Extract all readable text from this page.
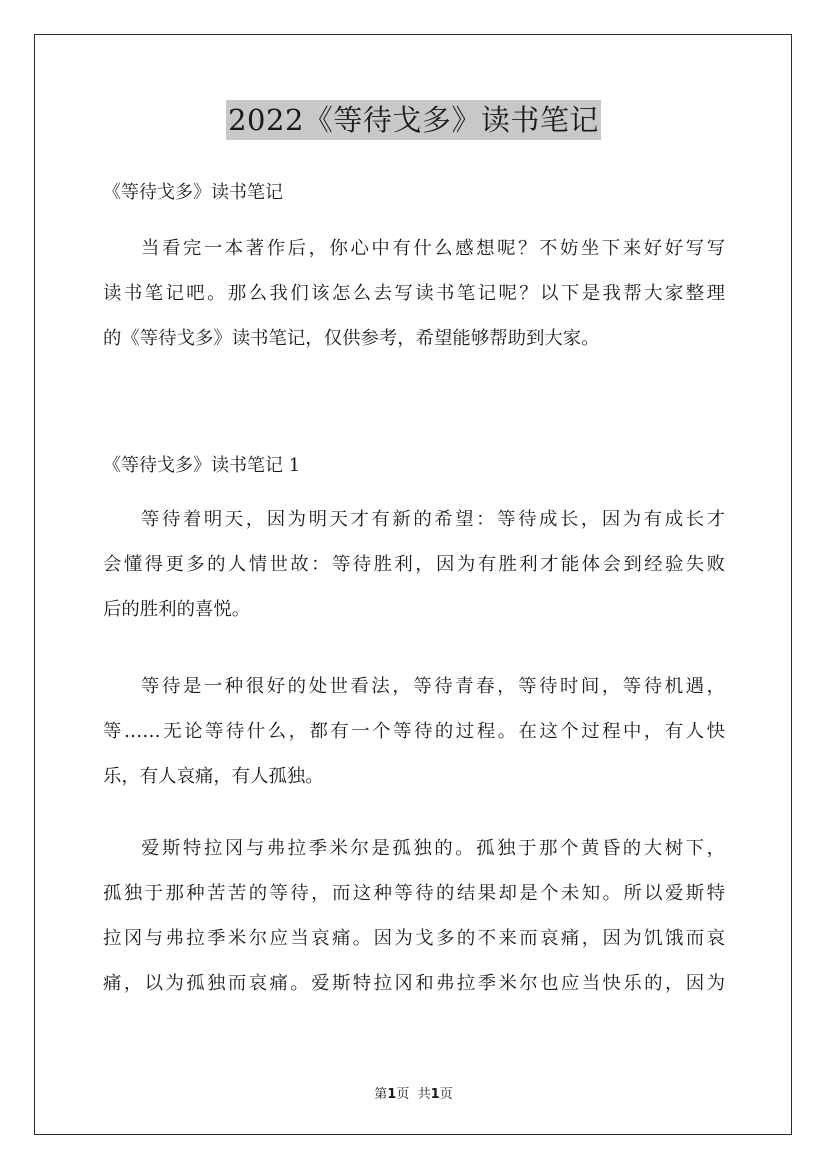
2022《等待戈多》读书笔记
《等待戈多》读书笔记
当看完一本著作后，你心中有什么感想呢？不妨坐下来好好写写
读书笔记吧。那么我们该怎么去写读书笔记呢？以下是我帮大家整理
的《等待戈多》读书笔记，仅供参考，希望能够帮助到大家。
《等待戈多》读书笔记 1
等待着明天，因为明天才有新的希望：等待成长，因为有成长才
会懂得更多的人情世故：等待胜利，因为有胜利才能体会到经验失败
后的胜利的喜悦。
等待是一种很好的处世看法，等待青春，等待时间，等待机遇，
等……无论等待什么，都有一个等待的过程。在这个过程中，有人快
乐，有人哀痛，有人孤独。
爱斯特拉冈与弗拉季米尔是孤独的。孤独于那个黄昏的大树下，
孤独于那种苦苦的等待，而这种等待的结果却是个未知。所以爱斯特
拉冈与弗拉季米尔应当哀痛。因为戈多的不来而哀痛，因为饥饿而哀
痛，以为孤独而哀痛。爱斯特拉冈和弗拉季米尔也应当快乐的，因为
第1页 共1页
